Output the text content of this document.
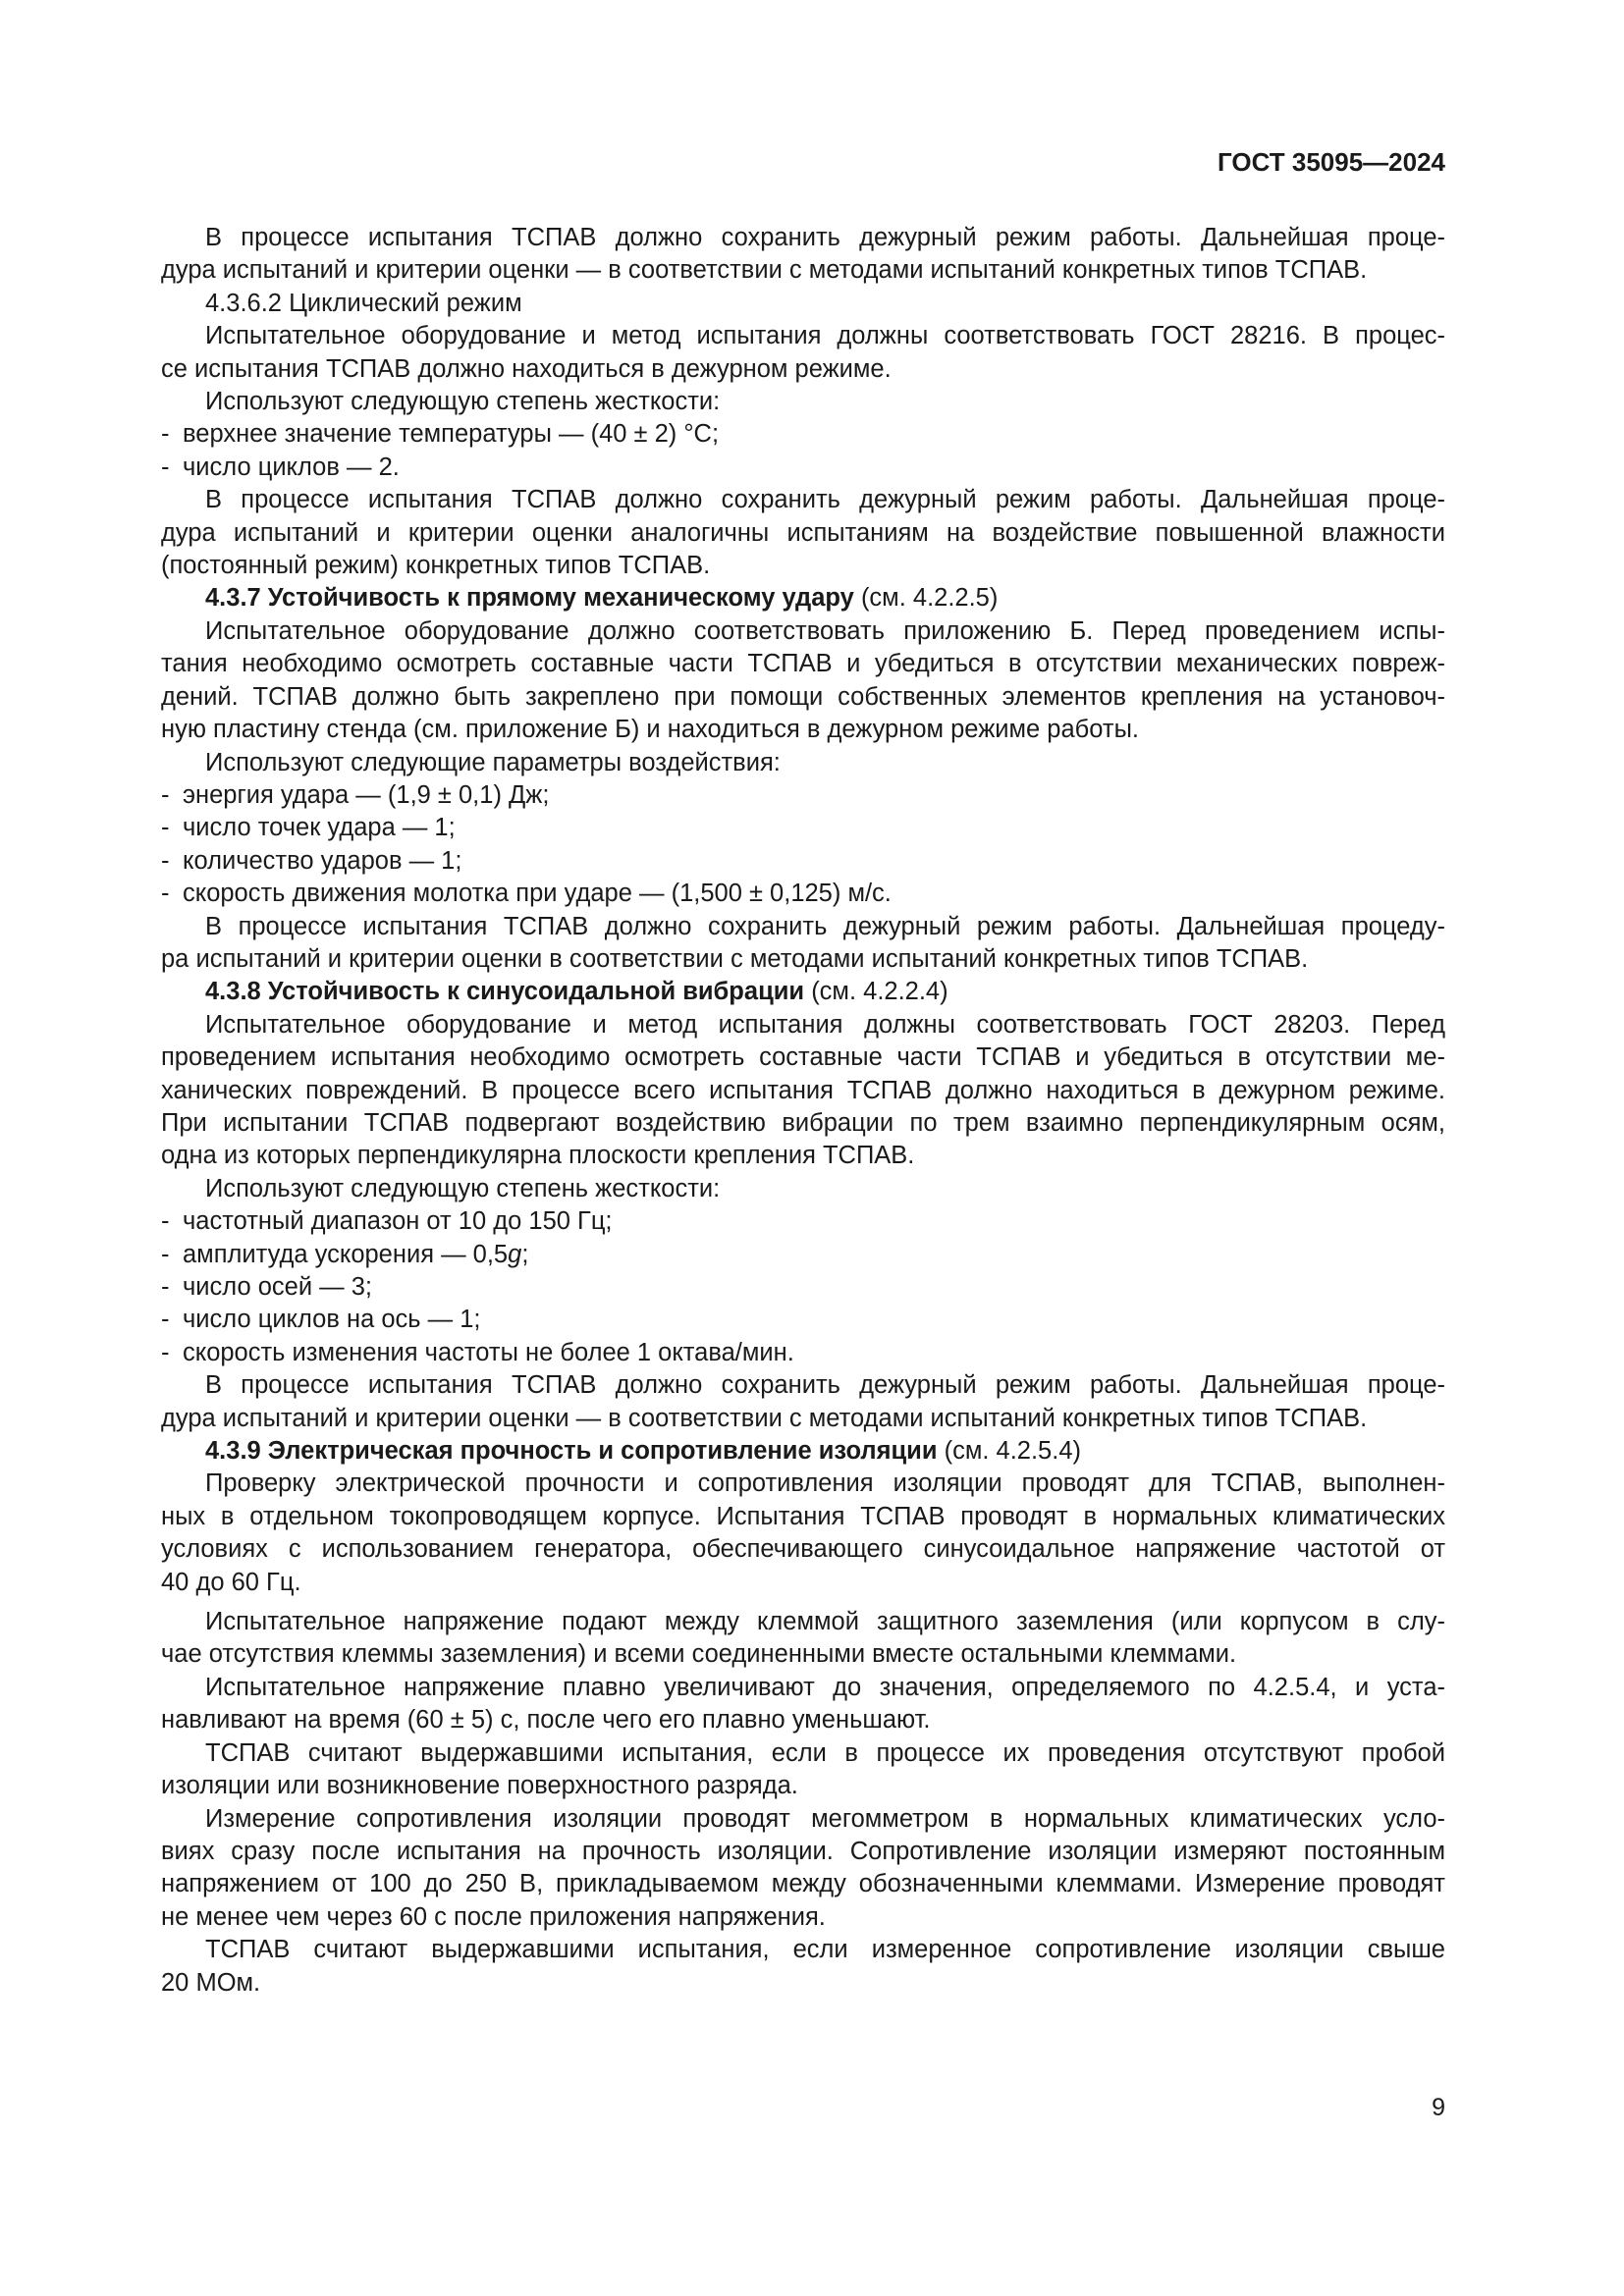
ГОСТ 35095—2024

В процессе испытания ТСПАВ должно сохранить дежурный режим работы. Дальнейшая проце-

дура испытаний и критерии оценки — в соответствии с методами испытаний конкретных типов ТСПАВ.

4.3.6.2 Циклический режим

Испытательное оборудование и метод испытания должны соответствовать ГОСТ 28216. В процес-

се испытания ТСПАВ должно находиться в дежурном режиме.

Используют следующую степень жесткости:

- верхнее значение температуры — (40 ± 2) °С;

- число циклов — 2.

В процессе испытания ТСПАВ должно сохранить дежурный режим работы. Дальнейшая проце-

дура испытаний и критерии оценки аналогичны испытаниям на воздействие повышенной влажности

(постоянный режим) конкретных типов ТСПАВ.

4.3.7 Устойчивость к прямому механическому удару (см. 4.2.2.5)

Испытательное оборудование должно соответствовать приложению Б. Перед проведением испы-

тания необходимо осмотреть составные части ТСПАВ и убедиться в отсутствии механических повреж-

дений. ТСПАВ должно быть закреплено при помощи собственных элементов крепления на установоч-

ную пластину стенда (см. приложение Б) и находиться в дежурном режиме работы.

Используют следующие параметры воздействия:

- энергия удара — (1,9 ± 0,1) Дж;

- число точек удара — 1;

- количество ударов — 1;

- скорость движения молотка при ударе — (1,500 ± 0,125) м/с.

В процессе испытания ТСПАВ должно сохранить дежурный режим работы. Дальнейшая процеду-

ра испытаний и критерии оценки в соответствии с методами испытаний конкретных типов ТСПАВ.

4.3.8 Устойчивость к синусоидальной вибрации (см. 4.2.2.4)

Испытательное оборудование и метод испытания должны соответствовать ГОСТ 28203. Перед

проведением испытания необходимо осмотреть составные части ТСПАВ и убедиться в отсутствии ме-

ханических повреждений. В процессе всего испытания ТСПАВ должно находиться в дежурном режиме.

При испытании ТСПАВ подвергают воздействию вибрации по трем взаимно перпендикулярным осям,

одна из которых перпендикулярна плоскости крепления ТСПАВ.

Используют следующую степень жесткости:

- частотный диапазон от 10 до 150 Гц;

- амплитуда ускорения — 0,5g;

- число осей — 3;

- число циклов на ось — 1;

- скорость изменения частоты не более 1 октава/мин.

В процессе испытания ТСПАВ должно сохранить дежурный режим работы. Дальнейшая проце-

дура испытаний и критерии оценки — в соответствии с методами испытаний конкретных типов ТСПАВ.

4.3.9 Электрическая прочность и сопротивление изоляции (см. 4.2.5.4)

Проверку электрической прочности и сопротивления изоляции проводят для ТСПАВ, выполнен-

ных в отдельном токопроводящем корпусе. Испытания ТСПАВ проводят в нормальных климатических

условиях с использованием генератора, обеспечивающего синусоидальное напряжение частотой от

40 до 60 Гц.

Испытательное напряжение подают между клеммой защитного заземления (или корпусом в слу-

чае отсутствия клеммы заземления) и всеми соединенными вместе остальными клеммами.

Испытательное напряжение плавно увеличивают до значения, определяемого по 4.2.5.4, и уста-

навливают на время (60 ± 5) с, после чего его плавно уменьшают.

ТСПАВ считают выдержавшими испытания, если в процессе их проведения отсутствуют пробой

изоляции или возникновение поверхностного разряда.

Измерение сопротивления изоляции проводят мегомметром в нормальных климатических усло-

виях сразу после испытания на прочность изоляции. Сопротивление изоляции измеряют постоянным

напряжением от 100 до 250 В, прикладываемом между обозначенными клеммами. Измерение проводят

не менее чем через 60 с после приложения напряжения.

ТСПАВ считают выдержавшими испытания, если измеренное сопротивление изоляции свыше

20 МОм.

9
